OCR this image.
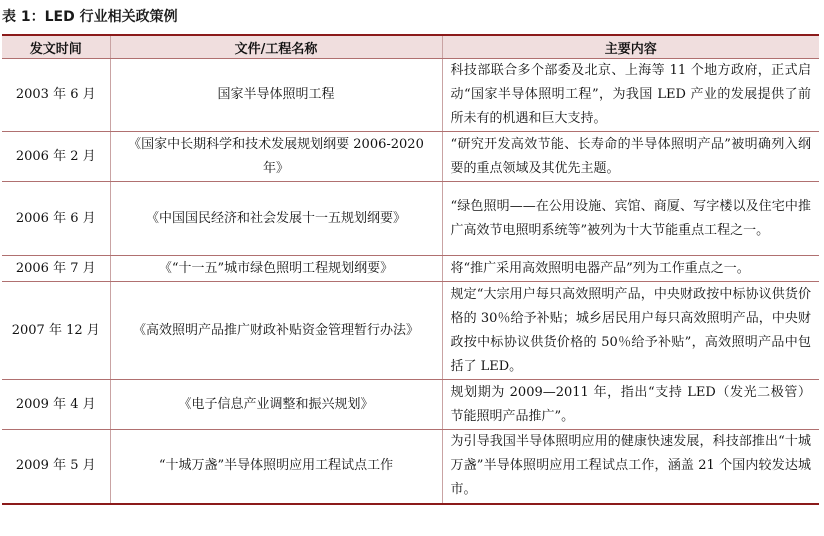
表 1：LED 行业相关政策例
发文时间	文件/工程名称	主要内容
2003 年 6 月	国家半导体照明工程	科技部联合多个部委及北京、上海等 11 个地方政府，正式启动“国家半导体照明工程”，为我国 LED 产业的发展提供了前所未有的机遇和巨大支持。
2006 年 2 月	《国家中长期科学和技术发展规划纲要 2006-2020 年》	“研究开发高效节能、长寿命的半导体照明产品”被明确列入纲要的重点领域及其优先主题。
2006 年 6 月	《中国国民经济和社会发展十一五规划纲要》	“绿色照明——在公用设施、宾馆、商厦、写字楼以及住宅中推广高效节电照明系统等”被列为十大节能重点工程之一。
2006 年 7 月	《“十一五”城市绿色照明工程规划纲要》	将“推广采用高效照明电器产品”列为工作重点之一。
2007 年 12 月	《高效照明产品推广财政补贴资金管理暂行办法》	规定“大宗用户每只高效照明产品，中央财政按中标协议供货价格的 30％给予补贴；城乡居民用户每只高效照明产品，中央财政按中标协议供货价格的 50％给予补贴”，高效照明产品中包括了 LED。
2009 年 4 月	《电子信息产业调整和振兴规划》	规划期为 2009—2011 年，指出“支持 LED（发光二极管）节能照明产品推广”。
2009 年 5 月	“十城万盏”半导体照明应用工程试点工作	为引导我国半导体照明应用的健康快速发展，科技部推出“十城万盏”半导体照明应用工程试点工作，涵盖 21 个国内较发达城市。
